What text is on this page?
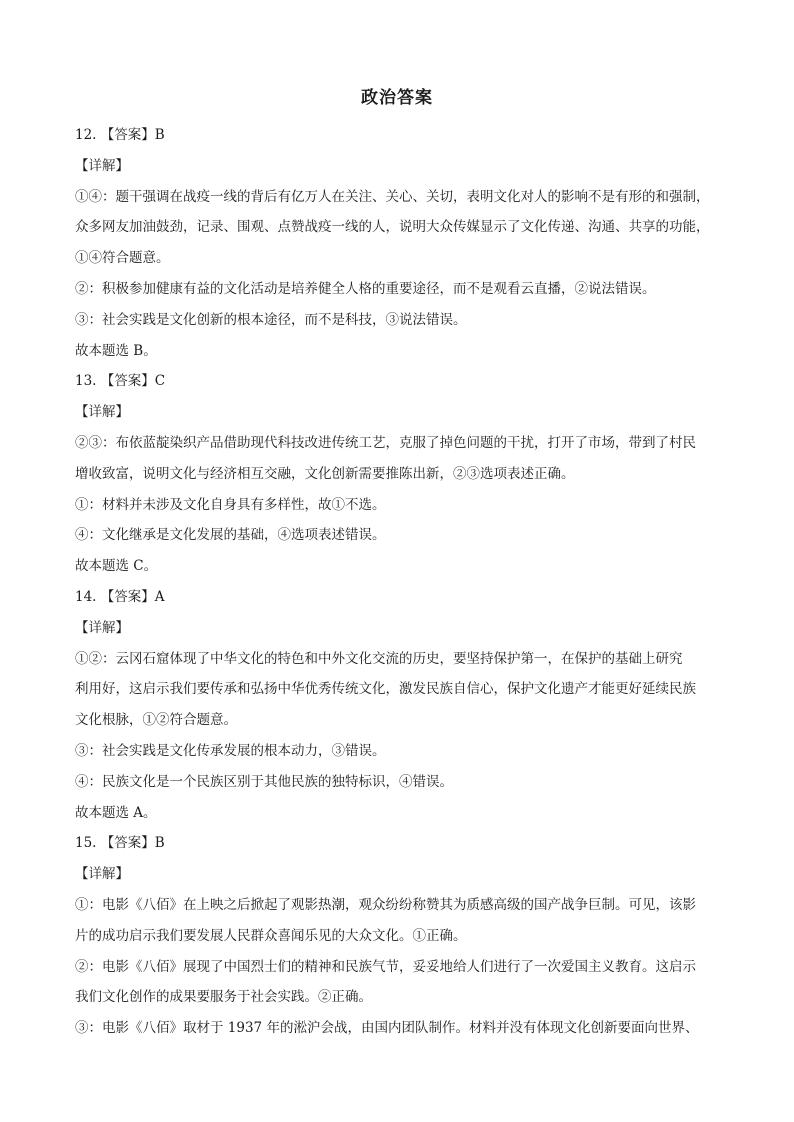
政治答案
12. 【答案】B
【详解】
①④：题干强调在战疫一线的背后有亿万人在关注、关心、关切，表明文化对人的影响不是有形的和强制，
众多网友加油鼓劲，记录、围观、点赞战疫一线的人，说明大众传媒显示了文化传递、沟通、共享的功能，
①④符合题意。
②：积极参加健康有益的文化活动是培养健全人格的重要途径，而不是观看云直播，②说法错误。
③：社会实践是文化创新的根本途径，而不是科技，③说法错误。
故本题选 B。
13. 【答案】C
【详解】
②③：布依蓝靛染织产品借助现代科技改进传统工艺，克服了掉色问题的干扰，打开了市场，带到了村民
增收致富，说明文化与经济相互交融，文化创新需要推陈出新，②③选项表述正确。
①：材料并未涉及文化自身具有多样性，故①不选。
④：文化继承是文化发展的基础，④选项表述错误。
故本题选 C。
14. 【答案】A
【详解】
①②：云冈石窟体现了中华文化的特色和中外文化交流的历史，要坚持保护第一，在保护的基础上研究
利用好，这启示我们要传承和弘扬中华优秀传统文化，激发民族自信心，保护文化遗产才能更好延续民族
文化根脉，①②符合题意。
③：社会实践是文化传承发展的根本动力，③错误。
④：民族文化是一个民族区别于其他民族的独特标识，④错误。
故本题选 A。
15. 【答案】B
【详解】
①：电影《八佰》在上映之后掀起了观影热潮，观众纷纷称赞其为质感高级的国产战争巨制。可见，该影
片的成功启示我们要发展人民群众喜闻乐见的大众文化。①正确。
②：电影《八佰》展现了中国烈士们的精神和民族气节，妥妥地给人们进行了一次爱国主义教育。这启示
我们文化创作的成果要服务于社会实践。②正确。
③：电影《八佰》取材于 1937 年的淞沪会战，由国内团队制作。材料并没有体现文化创新要面向世界、
